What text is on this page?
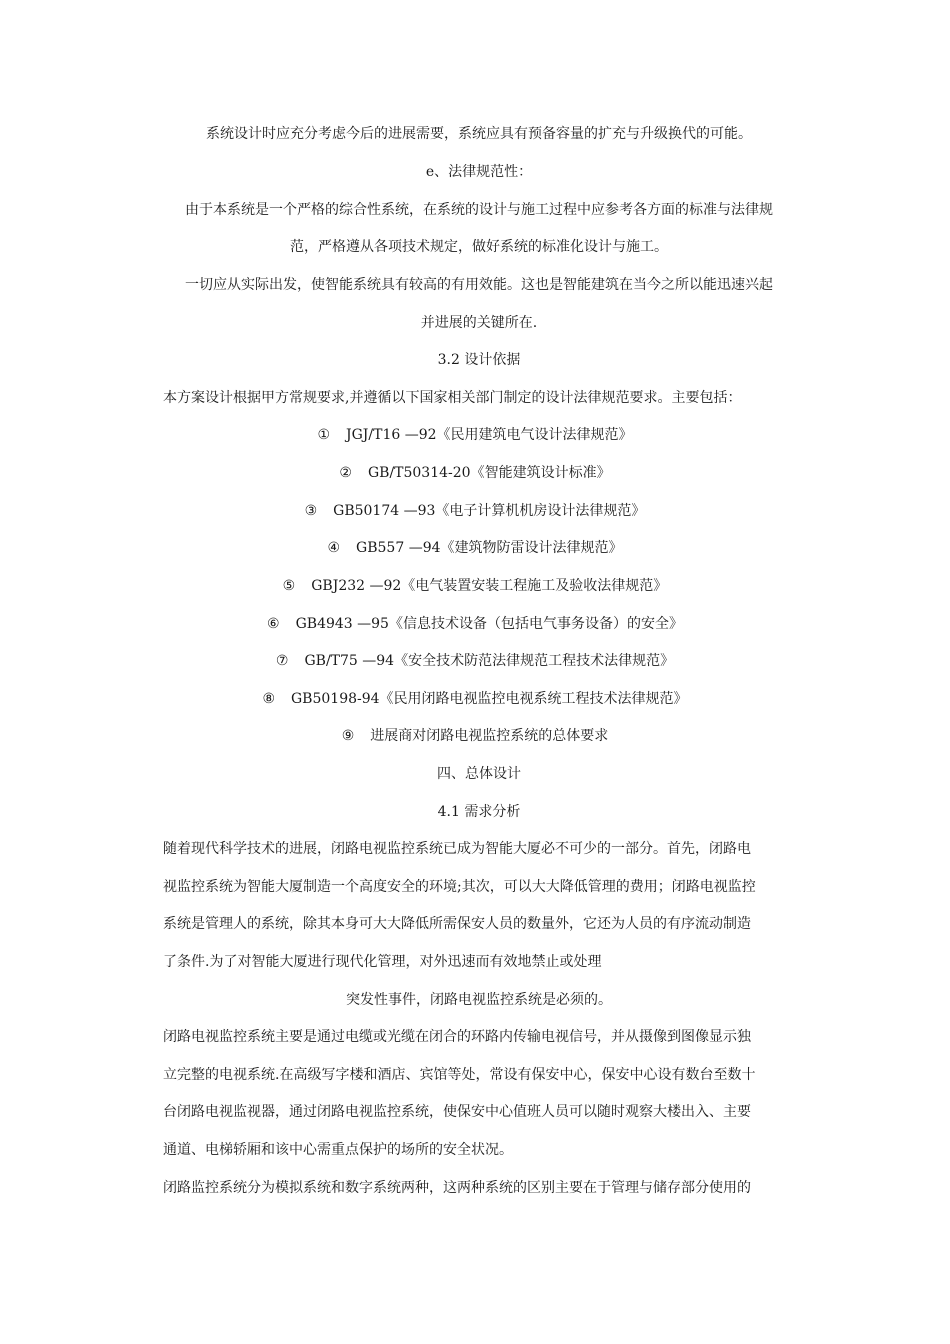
系统设计时应充分考虑今后的进展需要，系统应具有预备容量的扩充与升级换代的可能。
e、法律规范性：
由于本系统是一个严格的综合性系统，在系统的设计与施工过程中应参考各方面的标准与法律规
范，严格遵从各项技术规定，做好系统的标准化设计与施工。
一切应从实际出发，使智能系统具有较高的有用效能。这也是智能建筑在当今之所以能迅速兴起
并进展的关键所在.
3.2 设计依据
本方案设计根据甲方常规要求,并遵循以下国家相关部门制定的设计法律规范要求。主要包括：
① JGJ/T16 —92《民用建筑电气设计法律规范》
② GB/T50314-20《智能建筑设计标准》
③ GB50174 —93《电子计算机机房设计法律规范》
④ GB557 —94《建筑物防雷设计法律规范》
⑤ GBJ232 —92《电气装置安装工程施工及验收法律规范》
⑥ GB4943 —95《信息技术设备（包括电气事务设备）的安全》
⑦ GB/T75 —94《安全技术防范法律规范工程技术法律规范》
⑧ GB50198-94《民用闭路电视监控电视系统工程技术法律规范》
⑨ 进展商对闭路电视监控系统的总体要求
四、总体设计
4.1 需求分析
随着现代科学技术的进展，闭路电视监控系统已成为智能大厦必不可少的一部分。首先，闭路电
视监控系统为智能大厦制造一个高度安全的环境;其次，可以大大降低管理的费用；闭路电视监控
系统是管理人的系统，除其本身可大大降低所需保安人员的数量外，它还为人员的有序流动制造
了条件.为了对智能大厦进行现代化管理，对外迅速而有效地禁止或处理
突发性事件，闭路电视监控系统是必须的。
闭路电视监控系统主要是通过电缆或光缆在闭合的环路内传输电视信号，并从摄像到图像显示独
立完整的电视系统.在高级写字楼和酒店、宾馆等处，常设有保安中心，保安中心设有数台至数十
台闭路电视监视器，通过闭路电视监控系统，使保安中心值班人员可以随时观察大楼出入、主要
通道、电梯轿厢和该中心需重点保护的场所的安全状况。
闭路监控系统分为模拟系统和数字系统两种，这两种系统的区别主要在于管理与储存部分使用的
